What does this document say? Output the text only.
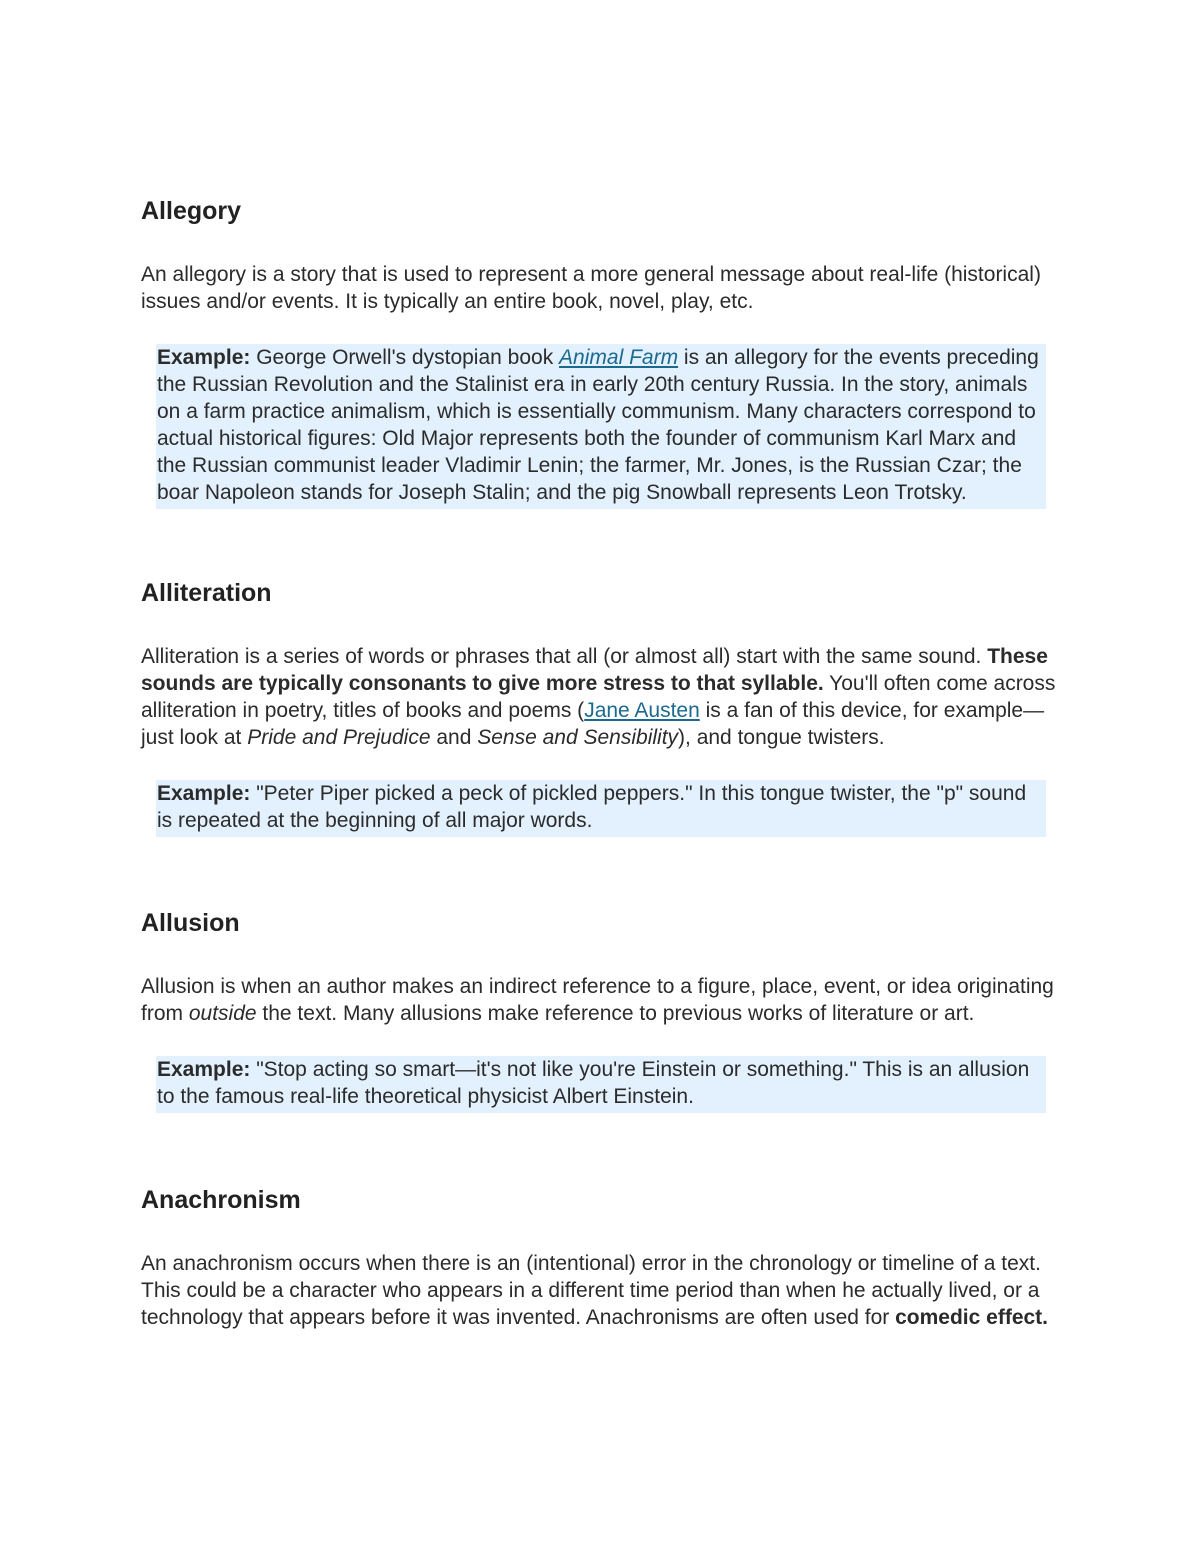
Allegory

An allegory is a story that is used to represent a more general message about real-life (historical) issues and/or events. It is typically an entire book, novel, play, etc.

Example: George Orwell's dystopian book Animal Farm is an allegory for the events preceding the Russian Revolution and the Stalinist era in early 20th century Russia. In the story, animals on a farm practice animalism, which is essentially communism. Many characters correspond to actual historical figures: Old Major represents both the founder of communism Karl Marx and the Russian communist leader Vladimir Lenin; the farmer, Mr. Jones, is the Russian Czar; the boar Napoleon stands for Joseph Stalin; and the pig Snowball represents Leon Trotsky.
Alliteration

Alliteration is a series of words or phrases that all (or almost all) start with the same sound. These sounds are typically consonants to give more stress to that syllable. You'll often come across alliteration in poetry, titles of books and poems (Jane Austen is a fan of this device, for example—just look at Pride and Prejudice and Sense and Sensibility), and tongue twisters.

Example: "Peter Piper picked a peck of pickled peppers." In this tongue twister, the "p" sound is repeated at the beginning of all major words.
Allusion

Allusion is when an author makes an indirect reference to a figure, place, event, or idea originating from outside the text. Many allusions make reference to previous works of literature or art.

Example: "Stop acting so smart—it's not like you're Einstein or something." This is an allusion to the famous real-life theoretical physicist Albert Einstein.
Anachronism

An anachronism occurs when there is an (intentional) error in the chronology or timeline of a text. This could be a character who appears in a different time period than when he actually lived, or a technology that appears before it was invented. Anachronisms are often used for comedic effect.
